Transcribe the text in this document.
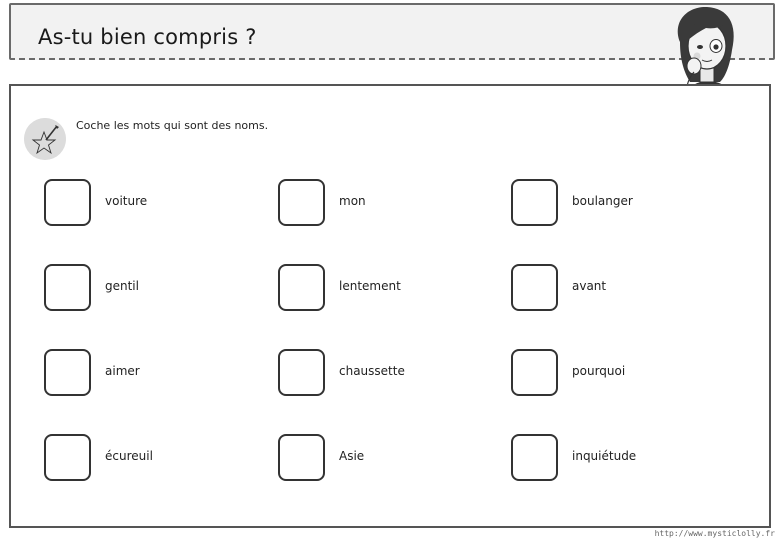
As-tu bien compris ?
Coche les mots qui sont des noms.
voiture	mon	boulanger
gentil	lentement	avant
aimer	chaussette	pourquoi
écureuil	Asie	inquiétude
http://www.mysticlolly.fr
